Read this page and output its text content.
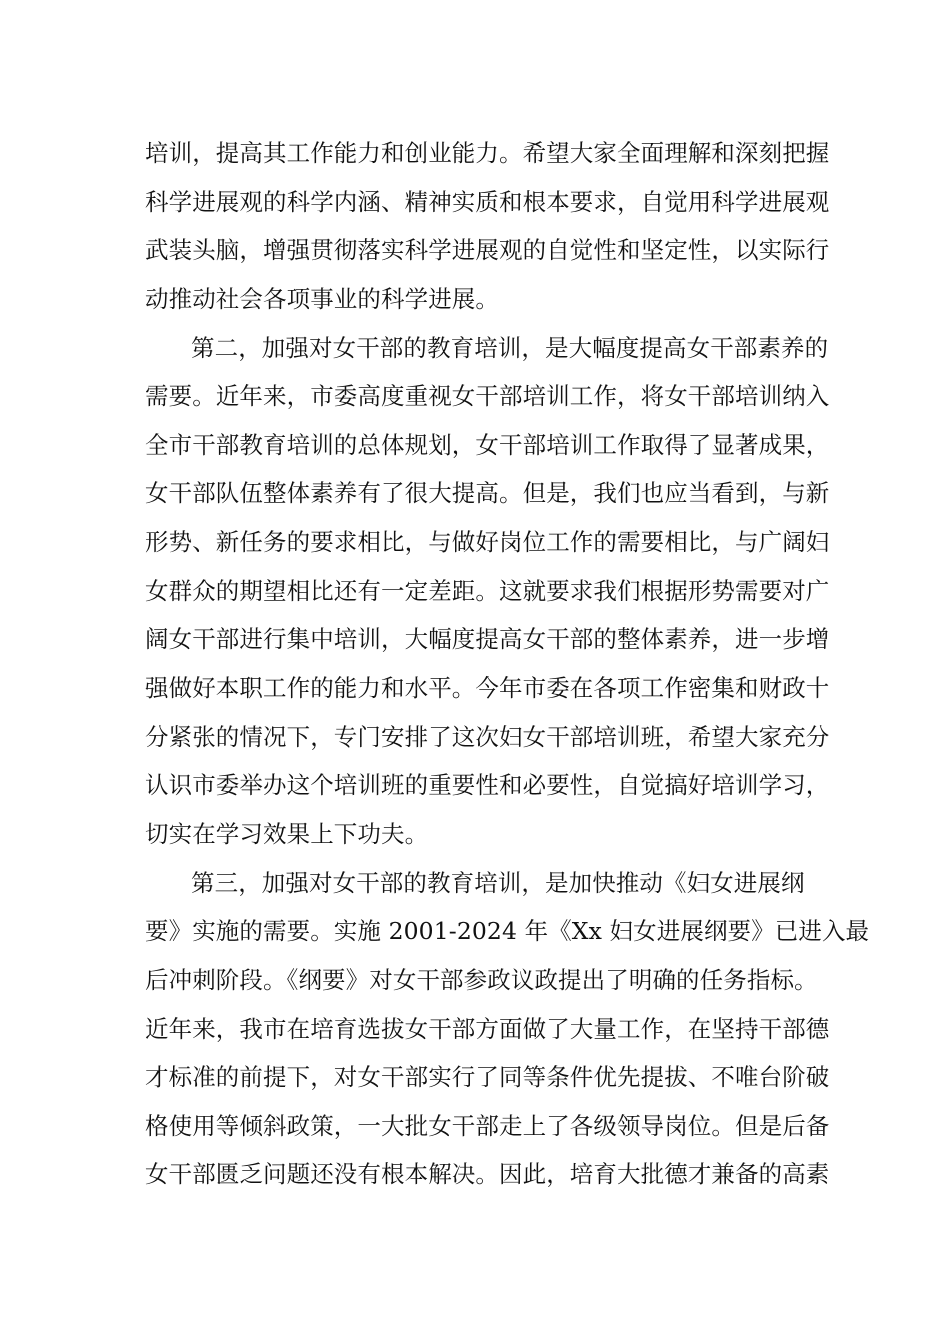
培训，提高其工作能力和创业能力。希望大家全面理解和深刻把握
科学进展观的科学内涵、精神实质和根本要求，自觉用科学进展观
武装头脑，增强贯彻落实科学进展观的自觉性和坚定性，以实际行
动推动社会各项事业的科学进展。
第二，加强对女干部的教育培训，是大幅度提高女干部素养的
需要。近年来，市委高度重视女干部培训工作，将女干部培训纳入
全市干部教育培训的总体规划，女干部培训工作取得了显著成果，
女干部队伍整体素养有了很大提高。但是，我们也应当看到，与新
形势、新任务的要求相比，与做好岗位工作的需要相比，与广阔妇
女群众的期望相比还有一定差距。这就要求我们根据形势需要对广
阔女干部进行集中培训，大幅度提高女干部的整体素养，进一步增
强做好本职工作的能力和水平。今年市委在各项工作密集和财政十
分紧张的情况下，专门安排了这次妇女干部培训班，希望大家充分
认识市委举办这个培训班的重要性和必要性，自觉搞好培训学习，
切实在学习效果上下功夫。
第三，加强对女干部的教育培训，是加快推动《妇女进展纲
要》实施的需要。实施 2001-2024 年《Xx 妇女进展纲要》已进入最
后冲刺阶段。《纲要》对女干部参政议政提出了明确的任务指标。
近年来，我市在培育选拔女干部方面做了大量工作，在坚持干部德
才标准的前提下，对女干部实行了同等条件优先提拔、不唯台阶破
格使用等倾斜政策，一大批女干部走上了各级领导岗位。但是后备
女干部匮乏问题还没有根本解决。因此，培育大批德才兼备的高素
